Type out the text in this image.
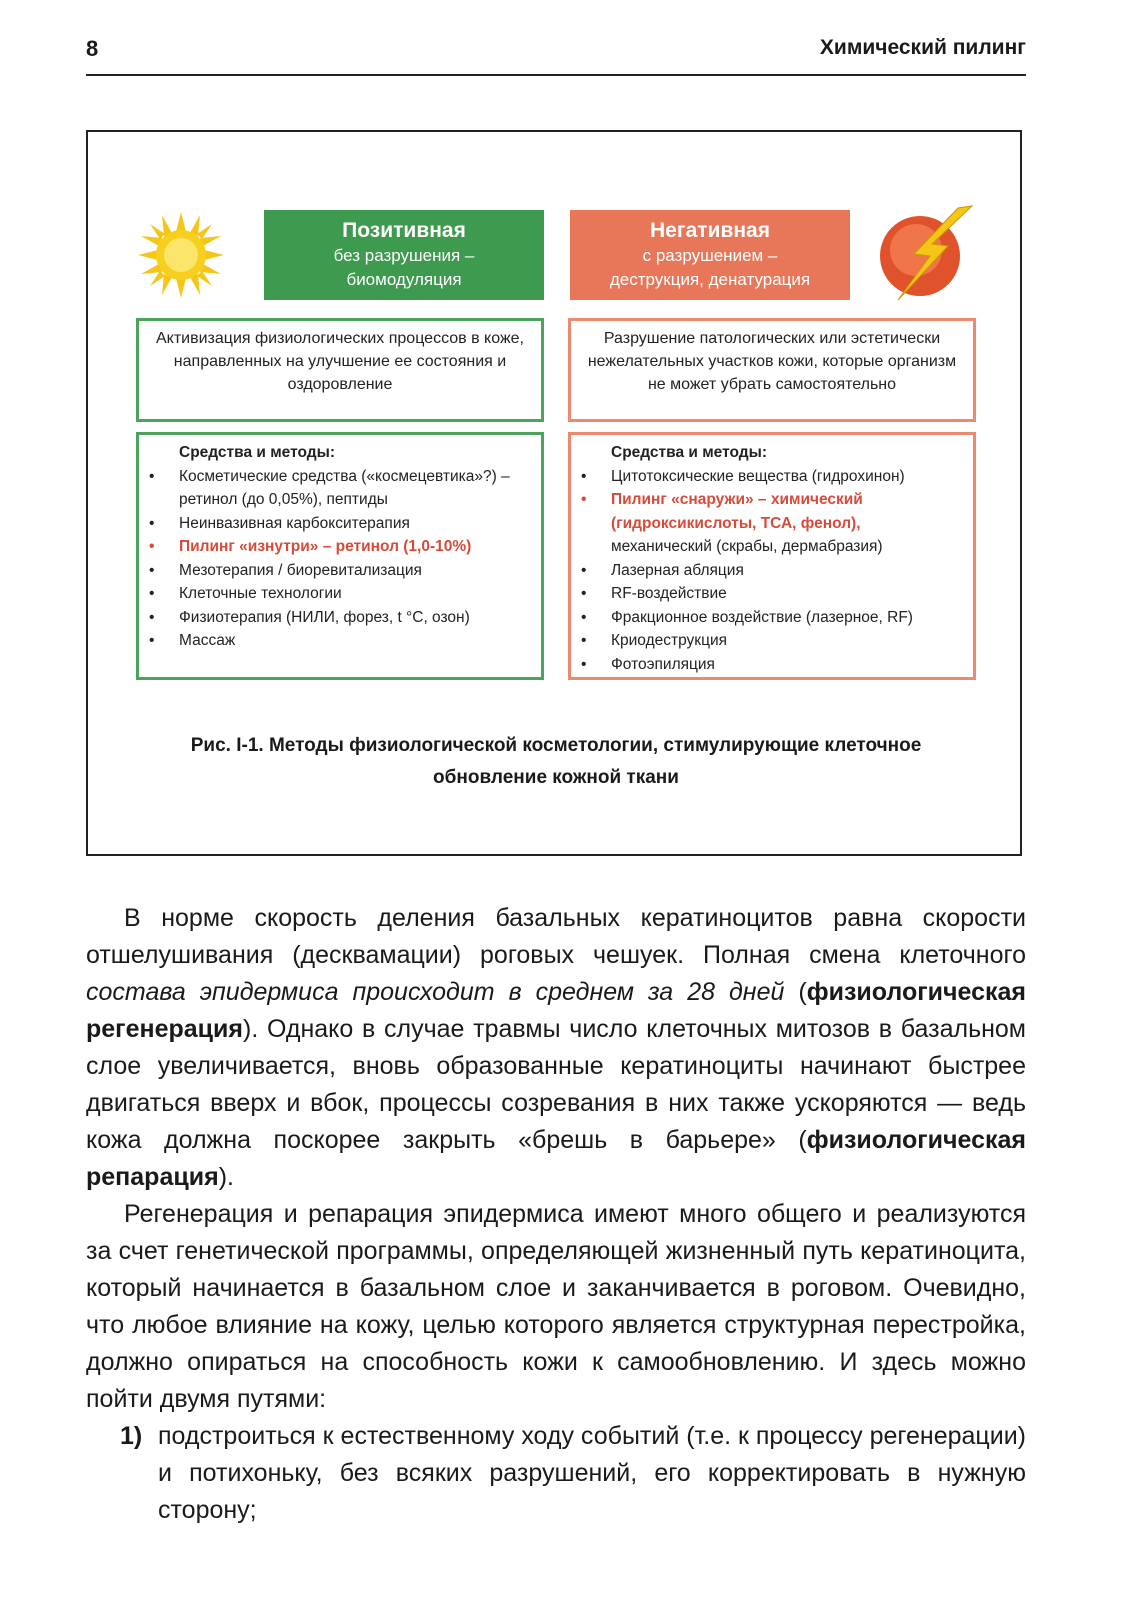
8	Химический пилинг
Позитивная
без разрушения –
биомодуляция
Негативная
с разрушением –
деструкция, денатурация
Активизация физиологических процессов в коже, направленных на улучшение ее состояния и оздоровление
Разрушение патологических или эстетически нежелательных участков кожи, которые организм не может убрать самостоятельно
Средства и методы:
• Косметические средства («космецевтика»?) – ретинол (до 0,05%), пептиды
• Неинвазивная карбокситерапия
• Пилинг «изнутри» – ретинол (1,0-10%)
• Мезотерапия / биоревитализация
• Клеточные технологии
• Физиотерапия (НИЛИ, форез, t °С, озон)
• Массаж
Средства и методы:
• Цитотоксические вещества (гидрохинон)
• Пилинг «снаружи» – химический (гидроксикислоты, ТСА, фенол),
механический (скрабы, дермабразия)
• Лазерная абляция
• RF-воздействие
• Фракционное воздействие (лазерное, RF)
• Криодеструкция
• Фотоэпиляция
Рис. I-1. Методы физиологической косметологии, стимулирующие клеточное обновление кожной ткани

В норме скорость деления базальных кератиноцитов равна скорости отшелушивания (десквамации) роговых чешуек. Полная смена клеточного состава эпидермиса происходит в среднем за 28 дней (физиологическая регенерация). Однако в случае травмы число клеточных митозов в базальном слое увеличивается, вновь образованные кератиноциты начинают быстрее двигаться вверх и вбок, процессы созревания в них также ускоряются — ведь кожа должна поскорее закрыть «брешь в барьере» (физиологическая репарация).

Регенерация и репарация эпидермиса имеют много общего и реализуются за счет генетической программы, определяющей жизненный путь кератиноцита, который начинается в базальном слое и заканчивается в роговом. Очевидно, что любое влияние на кожу, целью которого является структурная перестройка, должно опираться на способность кожи к самообновлению. И здесь можно пойти двумя путями:

1) подстроиться к естественному ходу событий (т.е. к процессу регенерации) и потихоньку, без всяких разрушений, его корректировать в нужную сторону;
